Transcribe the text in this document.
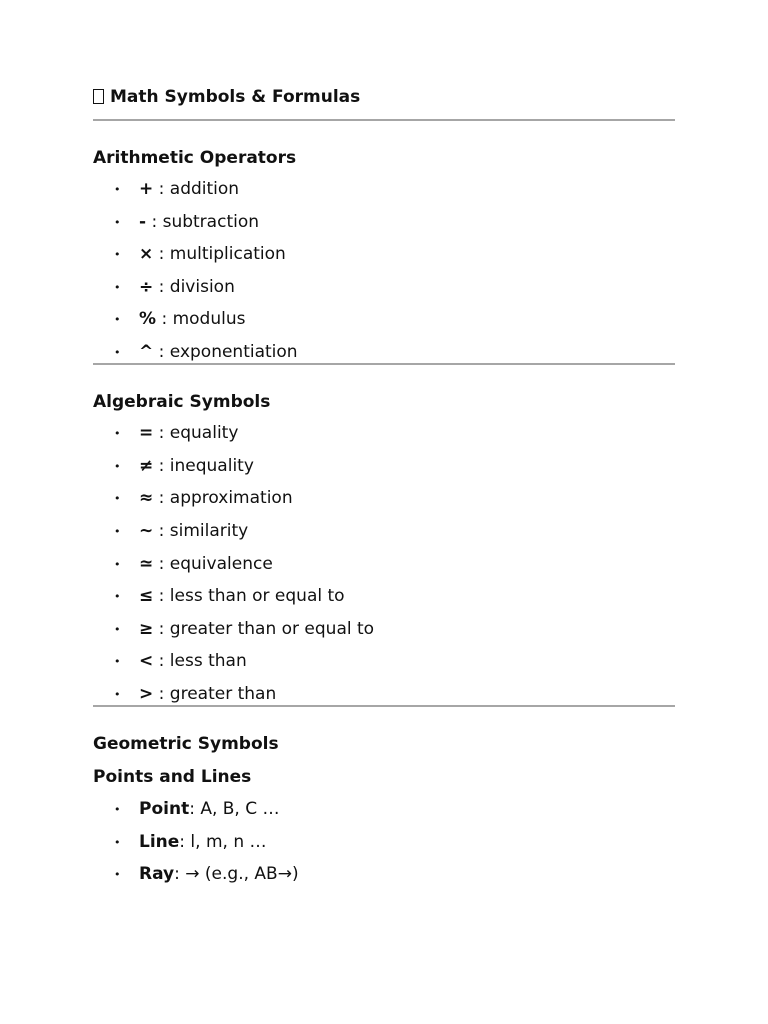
Math Symbols & Formulas
Arithmetic Operators
• + : addition
• - : subtraction
• × : multiplication
• ÷ : division
• % : modulus
• ^ : exponentiation
Algebraic Symbols
• = : equality
• ≠ : inequality
• ≈ : approximation
• ∼ : similarity
• ≃ : equivalence
• ≤ : less than or equal to
• ≥ : greater than or equal to
• < : less than
• > : greater than
Geometric Symbols
Points and Lines
• Point: A, B, C …
• Line: l, m, n …
• Ray: → (e.g., AB→)
